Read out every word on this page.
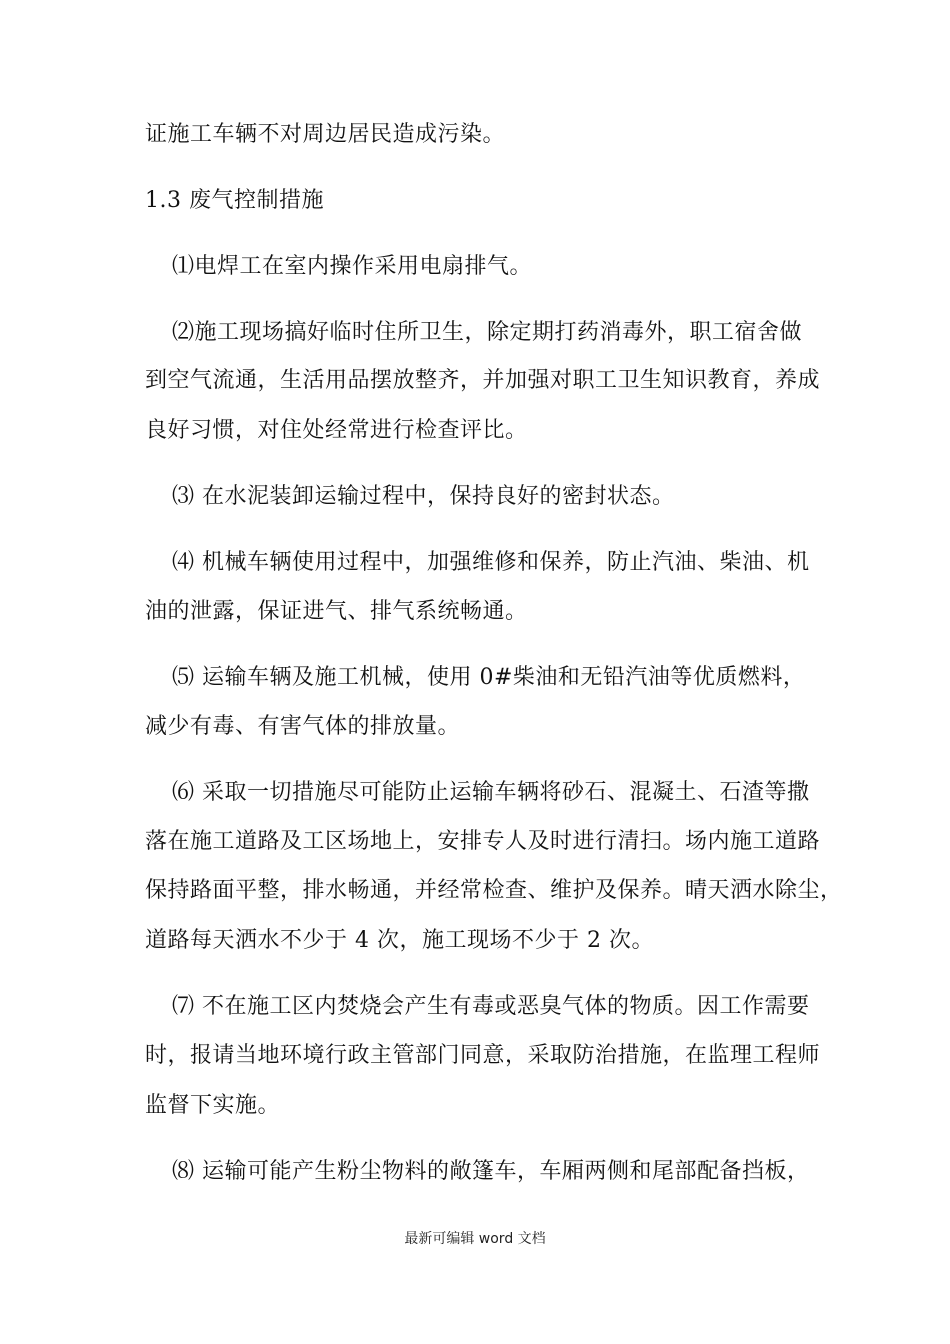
证施工车辆不对周边居民造成污染。
1.3 废气控制措施
⑴电焊工在室内操作采用电扇排气。
⑵施工现场搞好临时住所卫生，除定期打药消毒外，职工宿舍做
到空气流通，生活用品摆放整齐，并加强对职工卫生知识教育，养成
良好习惯，对住处经常进行检查评比。
⑶ 在水泥装卸运输过程中，保持良好的密封状态。
⑷ 机械车辆使用过程中，加强维修和保养，防止汽油、柴油、机
油的泄露，保证进气、排气系统畅通。
⑸ 运输车辆及施工机械，使用 0#柴油和无铅汽油等优质燃料，
减少有毒、有害气体的排放量。
⑹ 采取一切措施尽可能防止运输车辆将砂石、混凝土、石渣等撒
落在施工道路及工区场地上，安排专人及时进行清扫。场内施工道路
保持路面平整，排水畅通，并经常检查、维护及保养。晴天洒水除尘，
道路每天洒水不少于 4 次，施工现场不少于 2 次。
⑺ 不在施工区内焚烧会产生有毒或恶臭气体的物质。因工作需要
时，报请当地环境行政主管部门同意，采取防治措施，在监理工程师
监督下实施。
⑻ 运输可能产生粉尘物料的敞篷车，车厢两侧和尾部配备挡板，
最新可编辑 word 文档
